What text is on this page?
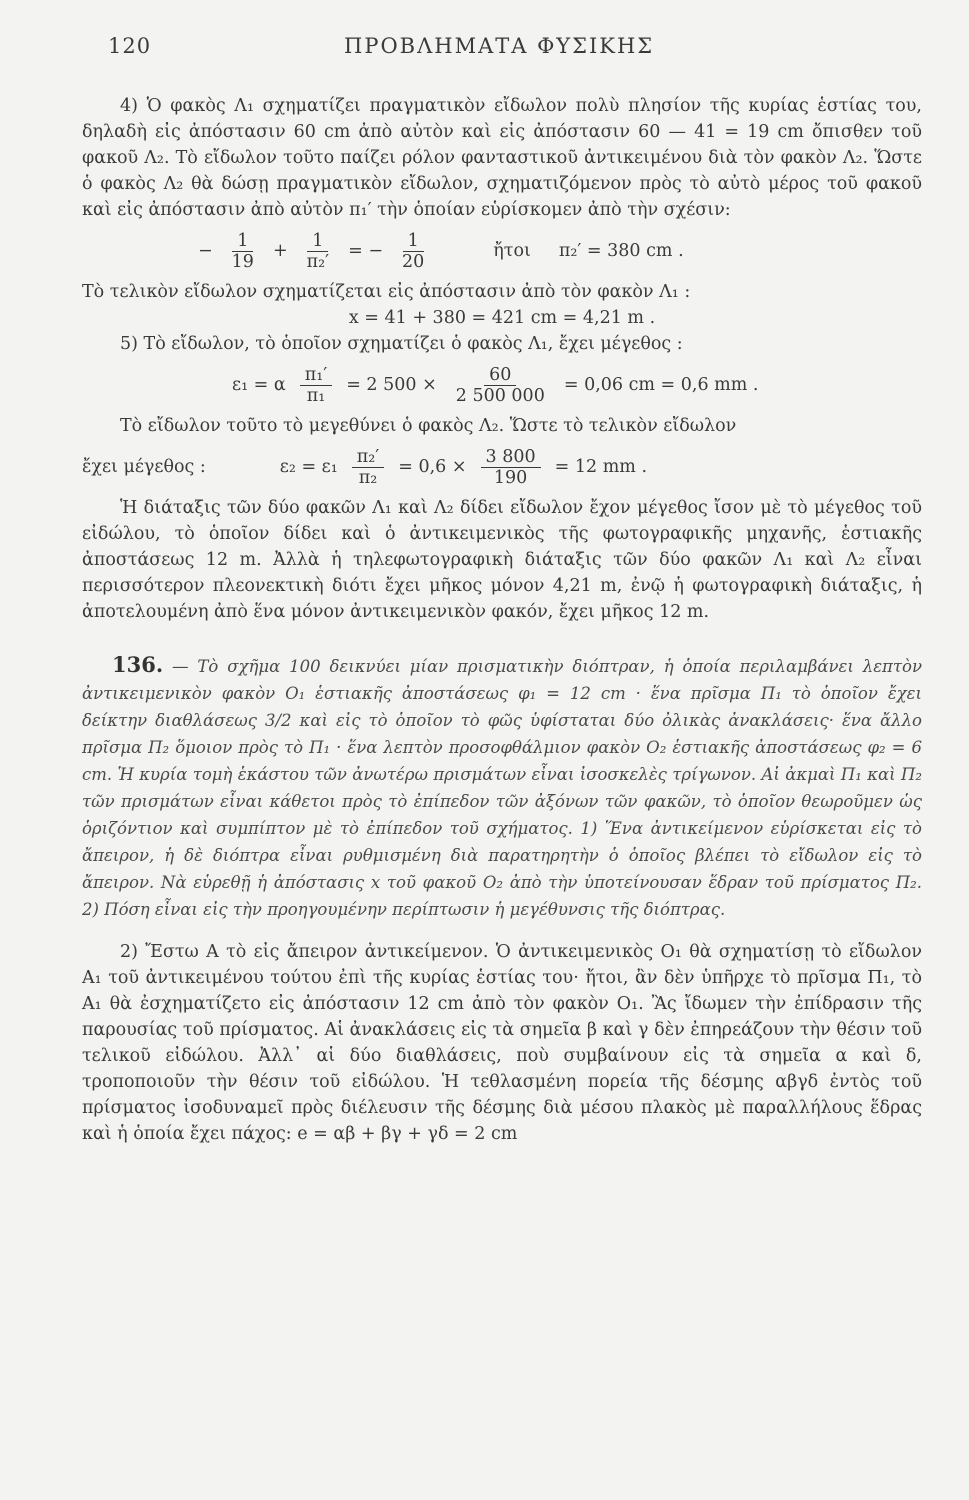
120	ΠΡΟΒΛΗΜΑΤΑ ΦΥΣΙΚΗΣ

4) Ὁ φακὸς Λ₁ σχηματίζει πραγματικὸν εἴδωλον πολὺ πλησίον τῆς κυρίας ἑστίας του, δηλαδὴ εἰς ἀπόστασιν 60 cm ἀπὸ αὐτὸν καὶ εἰς ἀπόστασιν 60 — 41 = 19 cm ὄπισθεν τοῦ φακοῦ Λ₂. Τὸ εἴδωλον τοῦτο παίζει ρόλον φανταστικοῦ ἀντικειμένου διὰ τὸν φακὸν Λ₂. Ὥστε ὁ φακὸς Λ₂ θὰ δώσῃ πραγματικὸν εἴδωλον, σχηματιζόμενον πρὸς τὸ αὐτὸ μέρος τοῦ φακοῦ καὶ εἰς ἀπόστασιν ἀπὸ αὐτὸν π₁′ τὴν ὁποίαν εὑρίσκομεν ἀπὸ τὴν σχέσιν:

− $\frac{1}{19} + \frac{1}{\text{π₂′}}$ = − $\frac{1}{20}$	ἤτοι π₂′ = 380 cm .

Τὸ τελικὸν εἴδωλον σχηματίζεται εἰς ἀπόστασιν ἀπὸ τὸν φακὸν Λ₁ :

x = 41 + 380 = 421 cm = 4,21 m .

5) Τὸ εἴδωλον, τὸ ὁποῖον σχηματίζει ὁ φακὸς Λ₁, ἔχει μέγεθος :

ε₁ = α $\frac{\text{π₁′}}{\text{π₁}} = 2$ $500 \times \frac{60}{2 500 000} = 0,06$ cm = 0,6 mm .

Τὸ εἴδωλον τοῦτο τὸ μεγεθύνει ὁ φακὸς Λ₂. Ὥστε τὸ τελικὸν εἴδωλον

ἔχει μέγεθος :	$\varepsilon_2 = \varepsilon_1 \frac{\text{π₂′}}{\text{π₂}} = 0,6 \times \frac{3 800}{190} = 12$ mm .

Ἡ διάταξις τῶν δύο φακῶν Λ₁ καὶ Λ₂ δίδει εἴδωλον ἔχον μέγεθος ἴσον μὲ τὸ μέγεθος τοῦ εἰδώλου, τὸ ὁποῖον δίδει καὶ ὁ ἀντικειμενικὸς τῆς φωτογραφικῆς μηχανῆς, ἑστιακῆς ἀποστάσεως 12 m. Ἀλλὰ ἡ τηλεφωτογραφικὴ διάταξις τῶν δύο φακῶν Λ₁ καὶ Λ₂ εἶναι περισσότερον πλεονεκτικὴ διότι ἔχει μῆκος μόνον 4,21 m, ἐνῷ ἡ φωτογραφικὴ διάταξις, ἡ ἀποτελουμένη ἀπὸ ἕνα μόνον ἀντικειμενικὸν φακόν, ἔχει μῆκος 12 m.

136. — Τὸ σχῆμα 100 δεικνύει μίαν πρισματικὴν διόπτραν, ἡ ὁποία περιλαμβάνει λεπτὸν ἀντικειμενικὸν φακὸν O₁ ἑστιακῆς ἀποστάσεως φ₁ = 12 cm · ἕνα πρῖσμα Π₁ τὸ ὁποῖον ἔχει δείκτην διαθλάσεως 3/2 καὶ εἰς τὸ ὁποῖον τὸ φῶς ὑφίσταται δύο ὀλικὰς ἀνακλάσεις· ἕνα ἄλλο πρῖσμα Π₂ ὅμοιον πρὸς τὸ Π₁ · ἕνα λεπτὸν προσοφθάλμιον φακὸν O₂ ἑστιακῆς ἀποστάσεως φ₂ = 6 cm. Ἡ κυρία τομὴ ἑκάστου τῶν ἀνωτέρω πρισμάτων εἶναι ἰσοσκελὲς τρίγωνον. Αἱ ἀκμαὶ Π₁ καὶ Π₂ τῶν πρισμάτων εἶναι κάθετοι πρὸς τὸ ἐπίπεδον τῶν ἀξόνων τῶν φακῶν, τὸ ὁποῖον θεωροῦμεν ὡς ὁριζόντιον καὶ συμπίπτον μὲ τὸ ἐπίπεδον τοῦ σχήματος. 1) Ἕνα ἀντικείμενον εὑρίσκεται εἰς τὸ ἄπειρον, ἡ δὲ διόπτρα εἶναι ρυθμισμένη διὰ παρατηρητὴν ὁ ὁποῖος βλέπει τὸ εἴδωλον εἰς τὸ ἄπειρον. Νὰ εὑρεθῇ ἡ ἀπόστασις x τοῦ φακοῦ O₂ ἀπὸ τὴν ὑποτείνουσαν ἕδραν τοῦ πρίσματος Π₂. 2) Πόση εἶναι εἰς τὴν προηγουμένην περίπτωσιν ἡ μεγέθυνσις τῆς διόπτρας.

2) Ἔστω A τὸ εἰς ἄπειρον ἀντικείμενον. Ὁ ἀντικειμενικὸς O₁ θὰ σχηματίσῃ τὸ εἴδωλον A₁ τοῦ ἀντικειμένου τούτου ἐπὶ τῆς κυρίας ἑστίας του· ἤτοι, ἂν δὲν ὑπῆρχε τὸ πρῖσμα Π₁, τὸ A₁ θὰ ἐσχηματίζετο εἰς ἀπόστασιν 12 cm ἀπὸ τὸν φακὸν O₁. Ἂς ἴδωμεν τὴν ἐπίδρασιν τῆς παρουσίας τοῦ πρίσματος. Αἱ ἀνακλάσεις εἰς τὰ σημεῖα β καὶ γ δὲν ἐπηρεάζουν τὴν θέσιν τοῦ τελικοῦ εἰδώλου. Ἀλλ᾽ αἱ δύο διαθλάσεις, ποὺ συμβαίνουν εἰς τὰ σημεῖα α καὶ δ, τροποποιοῦν τὴν θέσιν τοῦ εἰδώλου. Ἡ τεθλασμένη πορεία τῆς δέσμης αβγδ ἐντὸς τοῦ πρίσματος ἰσοδυναμεῖ πρὸς διέλευσιν τῆς δέσμης διὰ μέσου πλακὸς μὲ παραλλήλους ἕδρας καὶ ἡ ὁποία ἔχει πάχος: e = αβ + βγ + γδ = 2 cm
